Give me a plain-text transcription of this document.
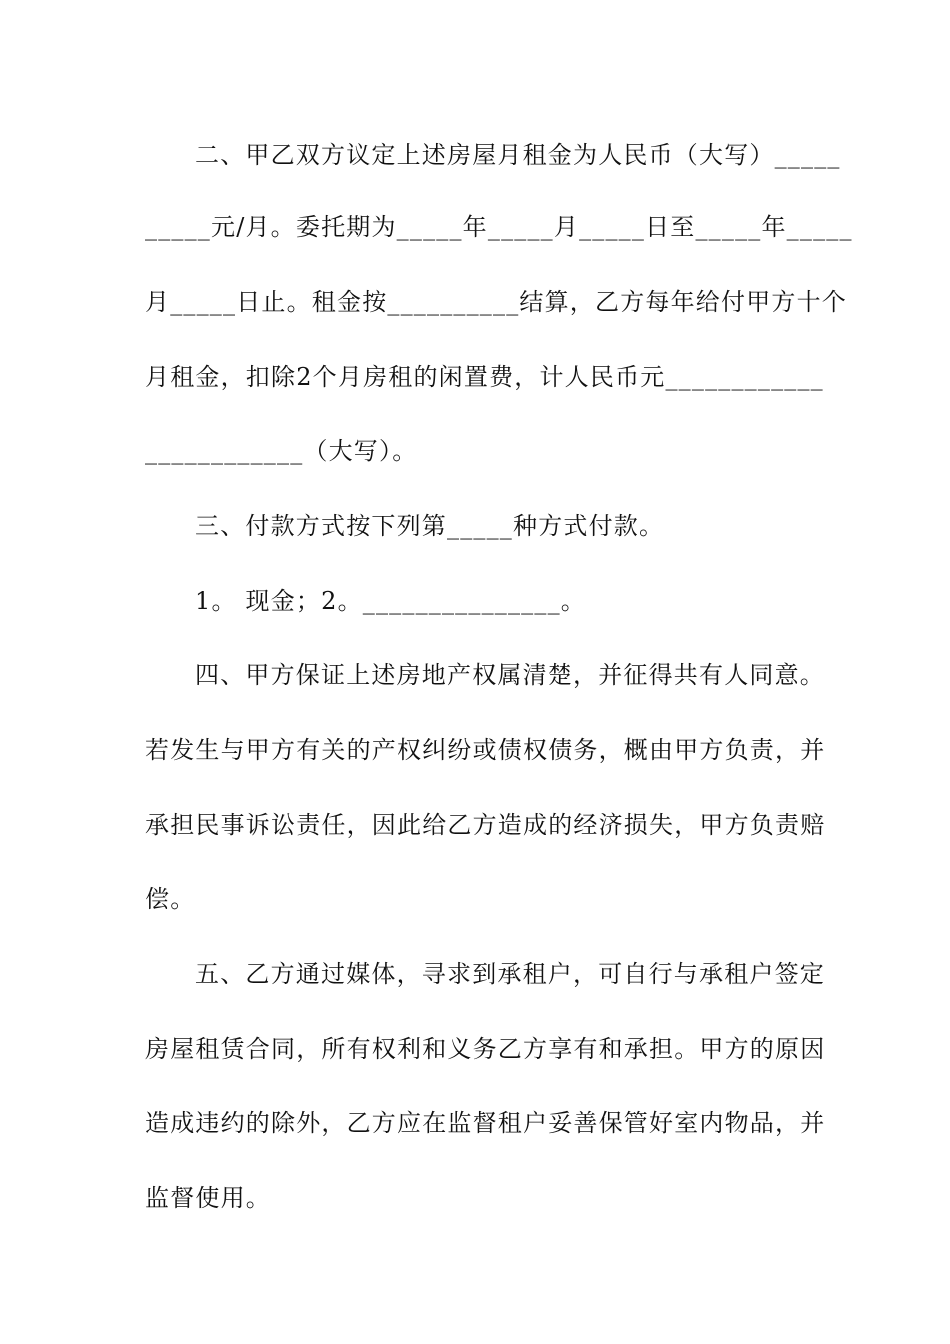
二、甲乙双方议定上述房屋月租金为人民币（大写）_____
_____元/月。委托期为_____年_____月_____日至_____年_____
月_____日止。租金按__________结算，乙方每年给付甲方十个
月租金，扣除2个月房租的闲置费，计人民币元____________
____________（大写）。
三、付款方式按下列第_____种方式付款。
1。 现金；2。_______________。
四、甲方保证上述房地产权属清楚，并征得共有人同意。
若发生与甲方有关的产权纠纷或债权债务，概由甲方负责，并
承担民事诉讼责任，因此给乙方造成的经济损失，甲方负责赔
偿。
五、乙方通过媒体，寻求到承租户，可自行与承租户签定
房屋租赁合同，所有权利和义务乙方享有和承担。甲方的原因
造成违约的除外，乙方应在监督租户妥善保管好室内物品，并
监督使用。
